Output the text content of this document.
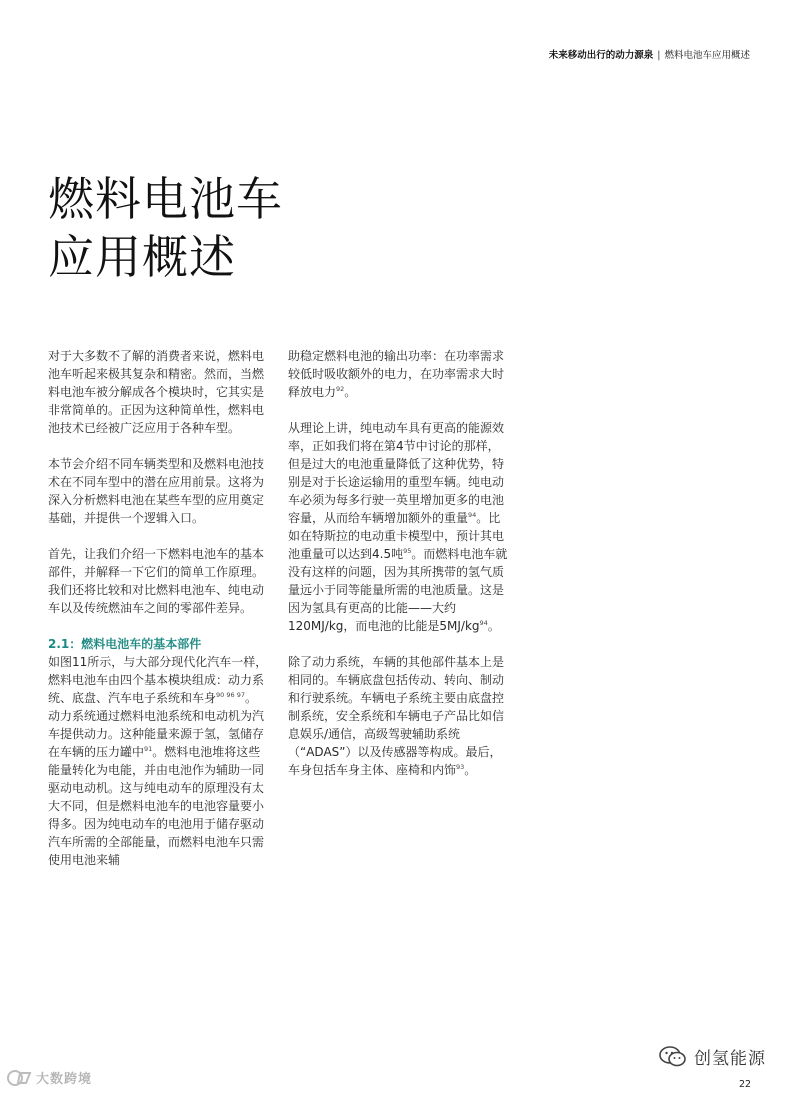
未来移动出行的动力源泉 | 燃料电池车应用概述
燃料电池车
应用概述

对于大多数不了解的消费者来说，燃料电池车听起来极其复杂和精密。然而，当燃料电池车被分解成各个模块时，它其实是非常简单的。正因为这种简单性，燃料电池技术已经被广泛应用于各种车型。

本节会介绍不同车辆类型和及燃料电池技术在不同车型中的潜在应用前景。这将为深入分析燃料电池在某些车型的应用奠定基础，并提供一个逻辑入口。

首先，让我们介绍一下燃料电池车的基本部件，并解释一下它们的简单工作原理。我们还将比较和对比燃料电池车、纯电动车以及传统燃油车之间的零部件差异。

2.1：燃料电池车的基本部件

如图11所示，与大部分现代化汽车一样，燃料电池车由四个基本模块组成：动力系统、底盘、汽车电子系统和车身$^{90 96 97}$。动力系统通过燃料电池系统和电动机为汽车提供动力。这种能量来源于氢，氢储存在车辆的压力罐中$^{91}$。燃料电池堆将这些能量转化为电能，并由电池作为辅助一同驱动电动机。这与纯电动车的原理没有太大不同，但是燃料电池车的电池容量要小得多。因为纯电动车的电池用于储存驱动汽车所需的全部能量，而燃料电池车只需使用电池来辅

助稳定燃料电池的输出功率：在功率需求较低时吸收额外的电力，在功率需求大时释放电力$^{92}$。

从理论上讲，纯电动车具有更高的能源效率，正如我们将在第4节中讨论的那样，但是过大的电池重量降低了这种优势，特别是对于长途运输用的重型车辆。纯电动车必须为每多行驶一英里增加更多的电池容量，从而给车辆增加额外的重量$^{94}$。比如在特斯拉的电动重卡模型中，预计其电池重量可以达到4.5吨$^{95}$。而燃料电池车就没有这样的问题，因为其所携带的氢气质量远小于同等能量所需的电池质量。这是因为氢具有更高的比能——大约120MJ/kg，而电池的比能是$5MJ/kg^{94}$。

除了动力系统，车辆的其他部件基本上是相同的。车辆底盘包括传动、转向、制动和行驶系统。车辆电子系统主要由底盘控制系统，安全系统和车辆电子产品比如信息娱乐/通信，高级驾驶辅助系统（“ADAS”）以及传感器等构成。最后，车身包括车身主体、座椅和内饰$^{93}$。

创氢能源
大数跨境	22
